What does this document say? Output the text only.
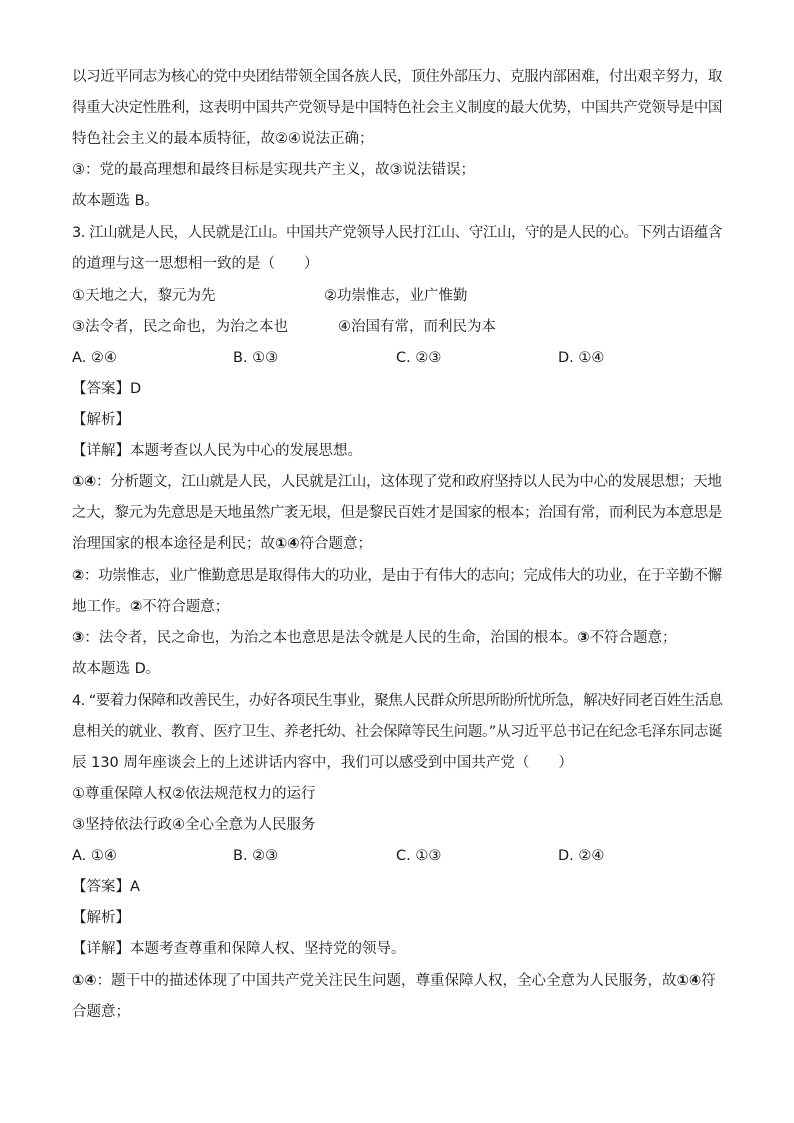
以习近平同志为核心的党中央团结带领全国各族人民，顶住外部压力、克服内部困难，付出艰辛努力，取
得重大决定性胜利，这表明中国共产党领导是中国特色社会主义制度的最大优势，中国共产党领导是中国
特色社会主义的最本质特征，故②④说法正确；
③：党的最高理想和最终目标是实现共产主义，故③说法错误；
故本题选 B。
3. 江山就是人民，人民就是江山。中国共产党领导人民打江山、守江山，守的是人民的心。下列古语蕴含
的道理与这一思想相一致的是（　　）
①天地之大，黎元为先	②功崇惟志，业广惟勤
③法令者，民之命也，为治之本也	④治国有常，而利民为本
A. ②④	B. ①③	C. ②③	D. ①④
【答案】D
【解析】
【详解】本题考查以人民为中心的发展思想。
①④：分析题文，江山就是人民，人民就是江山，这体现了党和政府坚持以人民为中心的发展思想；天地
之大，黎元为先意思是天地虽然广袤无垠，但是黎民百姓才是国家的根本；治国有常，而利民为本意思是
治理国家的根本途径是利民；故①④符合题意；
②：功崇惟志，业广惟勤意思是取得伟大的功业，是由于有伟大的志向；完成伟大的功业，在于辛勤不懈
地工作。②不符合题意；
③：法令者，民之命也，为治之本也意思是法令就是人民的生命，治国的根本。③不符合题意；
故本题选 D。
4. “要着力保障和改善民生，办好各项民生事业，聚焦人民群众所思所盼所忧所急，解决好同老百姓生活息
息相关的就业、教育、医疗卫生、养老托幼、社会保障等民生问题。”从习近平总书记在纪念毛泽东同志诞
辰 130 周年座谈会上的上述讲话内容中，我们可以感受到中国共产党（　　）
①尊重保障人权②依法规范权力的运行
③坚持依法行政④全心全意为人民服务
A. ①④	B. ②③	C. ①③	D. ②④
【答案】A
【解析】
【详解】本题考查尊重和保障人权、坚持党的领导。
①④：题干中的描述体现了中国共产党关注民生问题，尊重保障人权，全心全意为人民服务，故①④符
合题意；
